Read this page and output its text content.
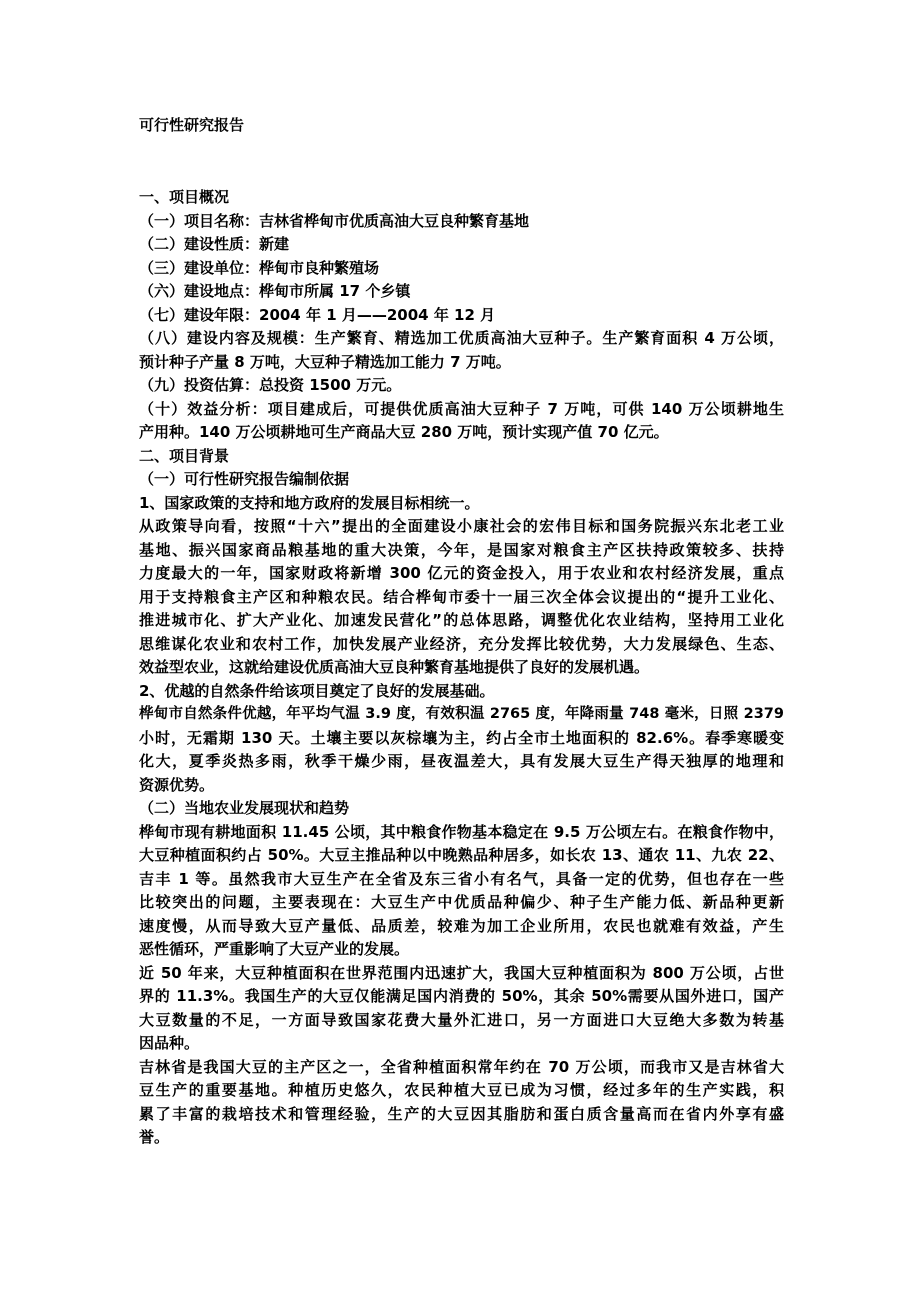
可行性研究报告
一、项目概况
（一）项目名称：吉林省桦甸市优质高油大豆良种繁育基地
（二）建设性质：新建
（三）建设单位：桦甸市良种繁殖场
（六）建设地点：桦甸市所属 17 个乡镇
（七）建设年限：2004 年 1 月——2004 年 12 月
（八）建设内容及规模：生产繁育、精选加工优质高油大豆种子。生产繁育面积 4 万公顷，
预计种子产量 8 万吨，大豆种子精选加工能力 7 万吨。
（九）投资估算：总投资 1500 万元。
（十）效益分析：项目建成后，可提供优质高油大豆种子 7 万吨，可供 140 万公顷耕地生
产用种。140 万公顷耕地可生产商品大豆 280 万吨，预计实现产值 70 亿元。
二、项目背景
（一）可行性研究报告编制依据
1、国家政策的支持和地方政府的发展目标相统一。
从政策导向看，按照“十六”提出的全面建设小康社会的宏伟目标和国务院振兴东北老工业
基地、振兴国家商品粮基地的重大决策，今年，是国家对粮食主产区扶持政策较多、扶持
力度最大的一年，国家财政将新增 300 亿元的资金投入，用于农业和农村经济发展，重点
用于支持粮食主产区和种粮农民。结合桦甸市委十一届三次全体会议提出的“提升工业化、
推进城市化、扩大产业化、加速发民营化”的总体思路，调整优化农业结构，坚持用工业化
思维谋化农业和农村工作，加快发展产业经济，充分发挥比较优势，大力发展绿色、生态、
效益型农业，这就给建设优质高油大豆良种繁育基地提供了良好的发展机遇。
2、优越的自然条件给该项目奠定了良好的发展基础。
桦甸市自然条件优越，年平均气温 3.9 度，有效积温 2765 度，年降雨量 748 毫米，日照 2379
小时，无霜期 130 天。土壤主要以灰棕壤为主，约占全市土地面积的 82.6%。春季寒暖变
化大，夏季炎热多雨，秋季干燥少雨，昼夜温差大，具有发展大豆生产得天独厚的地理和
资源优势。
（二）当地农业发展现状和趋势
桦甸市现有耕地面积 11.45 公顷，其中粮食作物基本稳定在 9.5 万公顷左右。在粮食作物中，
大豆种植面积约占 50%。大豆主推品种以中晚熟品种居多，如长农 13、通农 11、九农 22、
吉丰 1 等。虽然我市大豆生产在全省及东三省小有名气，具备一定的优势，但也存在一些
比较突出的问题，主要表现在：大豆生产中优质品种偏少、种子生产能力低、新品种更新
速度慢，从而导致大豆产量低、品质差，较难为加工企业所用，农民也就难有效益，产生
恶性循环，严重影响了大豆产业的发展。
近 50 年来，大豆种植面积在世界范围内迅速扩大，我国大豆种植面积为 800 万公顷，占世
界的 11.3%。我国生产的大豆仅能满足国内消费的 50%，其余 50%需要从国外进口，国产
大豆数量的不足，一方面导致国家花费大量外汇进口，另一方面进口大豆绝大多数为转基
因品种。
吉林省是我国大豆的主产区之一，全省种植面积常年约在 70 万公顷，而我市又是吉林省大
豆生产的重要基地。种植历史悠久，农民种植大豆已成为习惯，经过多年的生产实践，积
累了丰富的栽培技术和管理经验，生产的大豆因其脂肪和蛋白质含量高而在省内外享有盛
誉。
